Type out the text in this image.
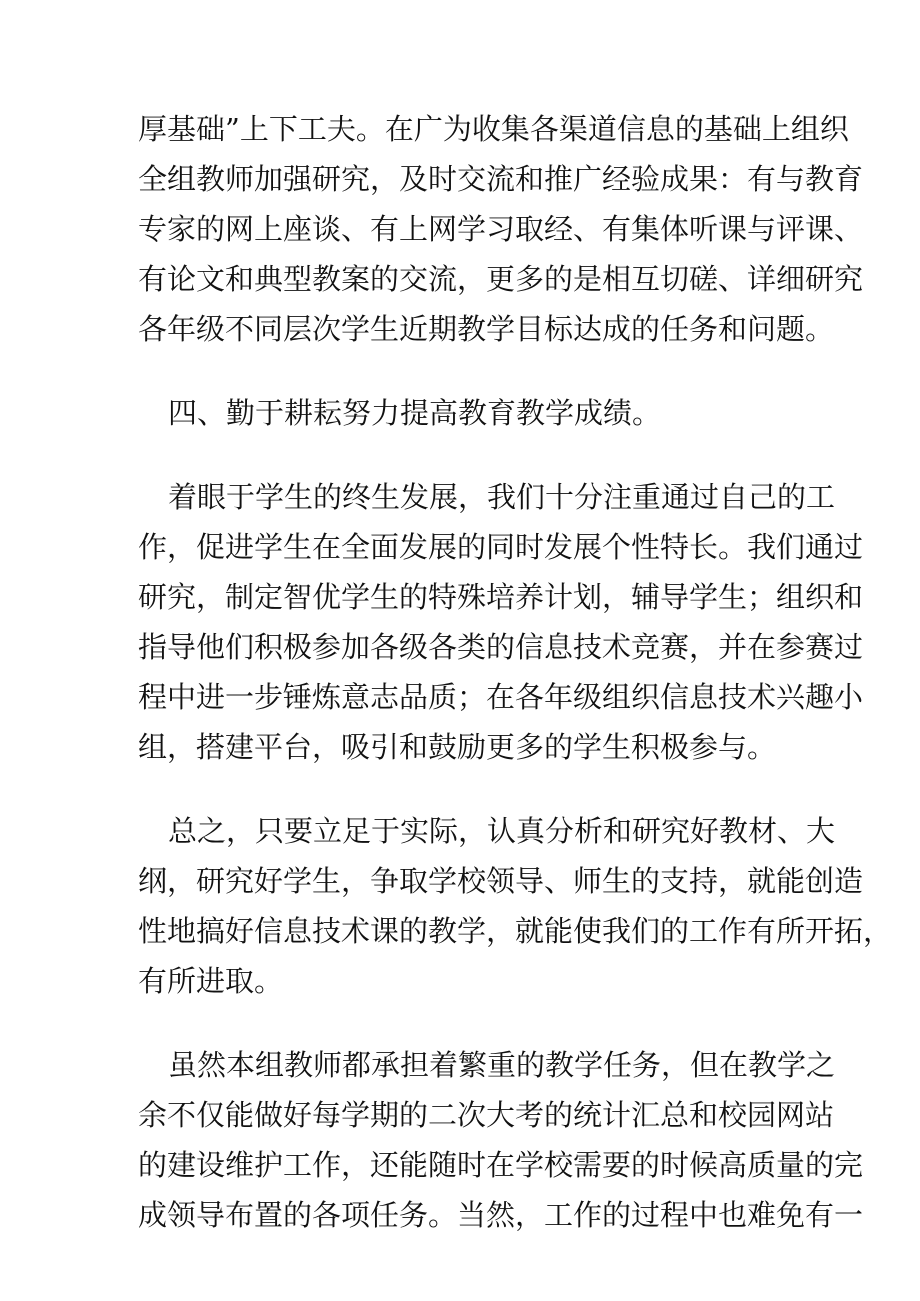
厚基础”上下工夫。在广为收集各渠道信息的基础上组织
全组教师加强研究，及时交流和推广经验成果：有与教育
专家的网上座谈、有上网学习取经、有集体听课与评课、
有论文和典型教案的交流，更多的是相互切磋、详细研究
各年级不同层次学生近期教学目标达成的任务和问题。
四、勤于耕耘努力提高教育教学成绩。
着眼于学生的终生发展，我们十分注重通过自己的工
作，促进学生在全面发展的同时发展个性特长。我们通过
研究，制定智优学生的特殊培养计划，辅导学生；组织和
指导他们积极参加各级各类的信息技术竞赛，并在参赛过
程中进一步锤炼意志品质；在各年级组织信息技术兴趣小
组，搭建平台，吸引和鼓励更多的学生积极参与。
总之，只要立足于实际，认真分析和研究好教材、大
纲，研究好学生，争取学校领导、师生的支持，就能创造
性地搞好信息技术课的教学，就能使我们的工作有所开拓，
有所进取。
虽然本组教师都承担着繁重的教学任务，但在教学之
余不仅能做好每学期的二次大考的统计汇总和校园网站
的建设维护工作，还能随时在学校需要的时候高质量的完
成领导布置的各项任务。当然，工作的过程中也难免有一
